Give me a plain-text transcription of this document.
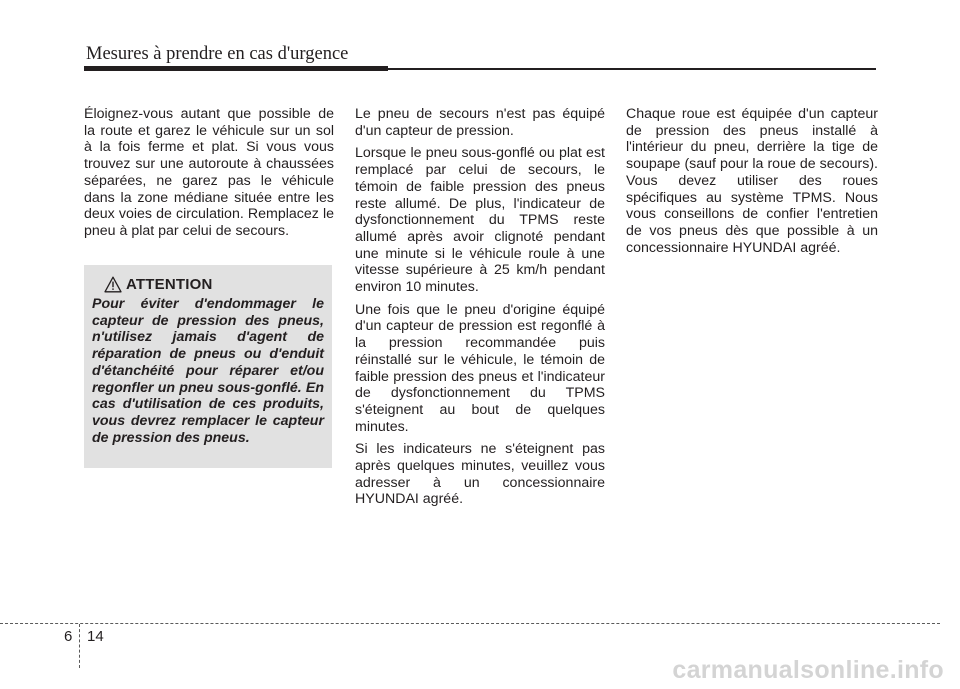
Mesures à prendre en cas d'urgence

Éloignez-vous autant que possible de la route et garez le véhicule sur un sol à la fois ferme et plat. Si vous vous trouvez sur une autoroute à chaussées séparées, ne garez pas le véhicule dans la zone médiane située entre les deux voies de circulation. Remplacez le pneu à plat par celui de secours.

ATTENTION

Pour éviter d'endommager le capteur de pression des pneus, n'utilisez jamais d'agent de réparation de pneus ou d'enduit d'étanchéité pour réparer et/ou regonfler un pneu sous-gonflé. En cas d'utilisation de ces produits, vous devrez remplacer le capteur de pression des pneus.

Le pneu de secours n'est pas équipé d'un capteur de pression.

Lorsque le pneu sous-gonflé ou plat est remplacé par celui de secours, le témoin de faible pression des pneus reste allumé. De plus, l'indicateur de dysfonctionnement du TPMS reste allumé après avoir clignoté pendant une minute si le véhicule roule à une vitesse supérieure à 25 km/h pendant environ 10 minutes.

Une fois que le pneu d'origine équipé d'un capteur de pression est regonflé à la pression recommandée puis réinstallé sur le véhicule, le témoin de faible pression des pneus et l'indicateur de dysfonctionnement du TPMS s'éteignent au bout de quelques minutes.

Si les indicateurs ne s'éteignent pas après quelques minutes, veuillez vous adresser à un concessionnaire HYUNDAI agréé.

Chaque roue est équipée d'un capteur de pression des pneus installé à l'intérieur du pneu, derrière la tige de soupape (sauf pour la roue de secours). Vous devez utiliser des roues spécifiques au système TPMS. Nous vous conseillons de confier l'entretien de vos pneus dès que possible à un concessionnaire HYUNDAI agréé.

6 14
carmanualsonline.info
